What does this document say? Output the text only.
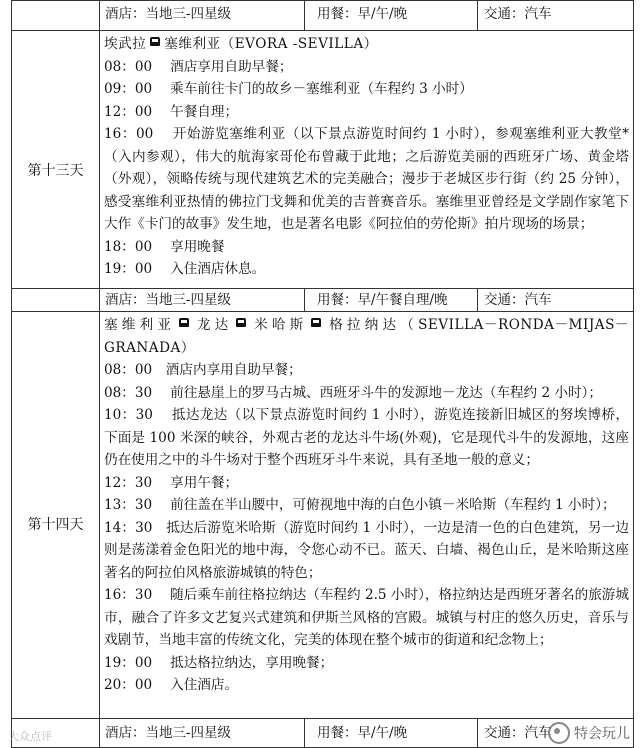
酒店：当地三-四星级	用餐：早/午/晚	交通：汽车
第十三天

埃武拉 塞维利亚（EVORA -SEVILLA）

08：00　 酒店享用自助早餐；

09：00　 乘车前往卡门的故乡－塞维利亚（车程约 3 小时）

12：00　 午餐自理；

16：00　 开始游览塞维利亚（以下景点游览时间约 1 小时），参观塞维利亚大教堂*（入内参观），伟大的航海家哥伦布曾藏于此地；之后游览美丽的西班牙广场、黄金塔（外观），领略传统与现代建筑艺术的完美融合；漫步于老城区步行街（约 25 分钟），感受塞维利亚热情的佛拉门戈舞和优美的吉普赛音乐。塞维里亚曾经是文学剧作家笔下大作《卡门的故事》发生地，也是著名电影《阿拉伯的劳伦斯》拍片现场的场景；

18：00　 享用晚餐

19：00　 入住酒店休息。

酒店：当地三-四星级	用餐：早/午餐自理/晚	交通：汽车
第十四天

塞维利亚 龙达 米哈斯 格拉纳达（SEVILLA－RONDA－MIJAS－GRANADA）

08：00　酒店内享用自助早餐；

08：30　 前往悬崖上的罗马古城、西班牙斗牛的发源地－龙达（车程约 2 小时）；

10：30　 抵达龙达（以下景点游览时间约 1 小时），游览连接新旧城区的努埃博桥，下面是 100 米深的峡谷，外观古老的龙达斗牛场(外观)，它是现代斗牛的发源地，这座仍在使用之中的斗牛场对于整个西班牙斗牛来说，具有圣地一般的意义；

12：30　 享用午餐；

13：30　 前往盖在半山腰中，可俯视地中海的白色小镇－米哈斯（车程约 1 小时）；

14：30　抵达后游览米哈斯（游览时间约 1 小时），一边是清一色的白色建筑，另一边则是荡漾着金色阳光的地中海，令您心动不已。蓝天、白墙、褐色山丘，是米哈斯这座著名的阿拉伯风格旅游城镇的特色；

16：30　 随后乘车前往格拉纳达（车程约 2.5 小时），格拉纳达是西班牙著名的旅游城市，融合了许多文艺复兴式建筑和伊斯兰风格的宫殿。城镇与村庄的悠久历史，音乐与戏剧节，当地丰富的传统文化，完美的体现在整个城市的街道和纪念物上；

19：00　 抵达格拉纳达，享用晚餐；

20：00　 入住酒店。

酒店：当地三-四星级	用餐：早/午/晚	交通：汽车
大众点评	特会玩儿
